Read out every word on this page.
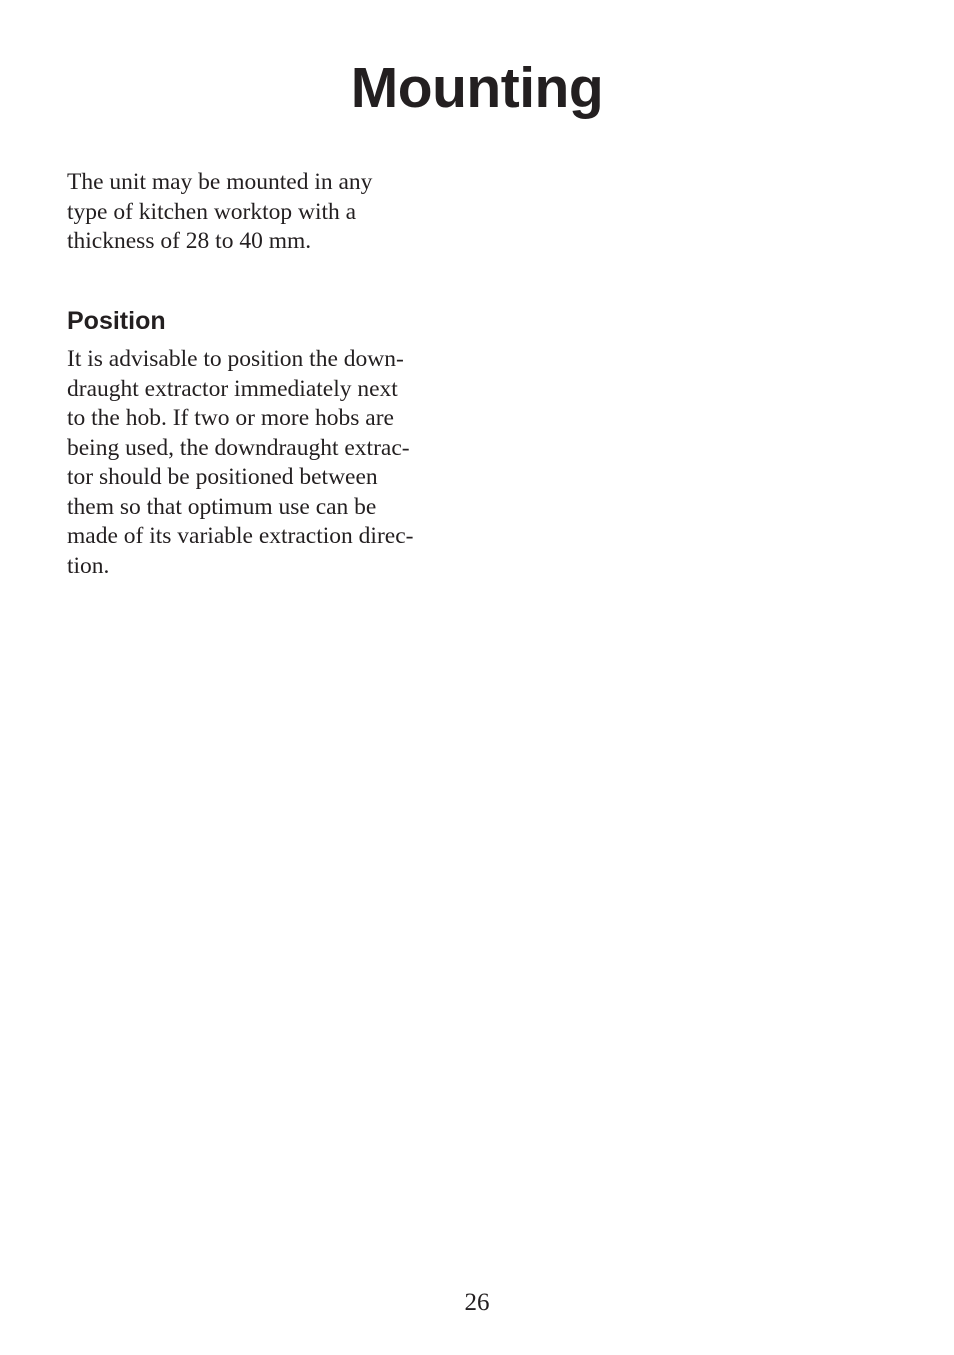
Mounting

The unit may be mounted in any
type of kitchen worktop with a
thickness of 28 to 40 mm.

Position

It is advisable to position the down-
draught extractor immediately next
to the hob. If two or more hobs are
being used, the downdraught extrac-
tor should be positioned between
them so that optimum use can be
made of its variable extraction direc-
tion.

26
